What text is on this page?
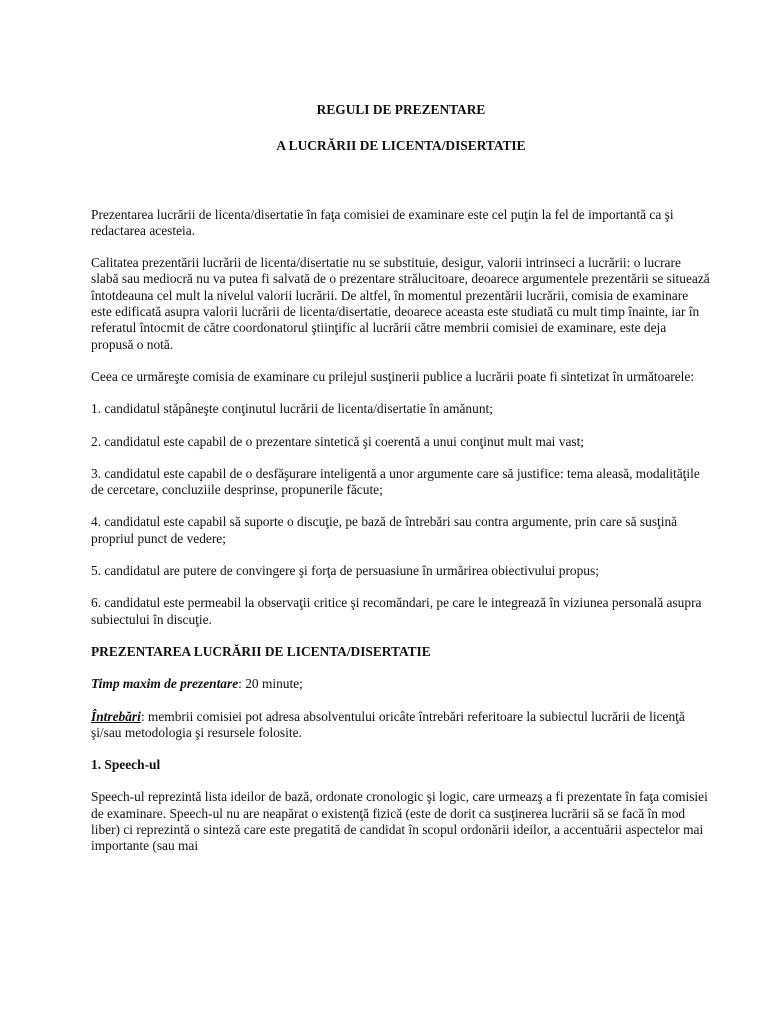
REGULI DE PREZENTARE

A LUCRĂRII DE LICENTA/DISERTATIE

Prezentarea lucrării de licenta/disertatie în faţa comisiei de examinare este cel puţin la fel de importantă ca şi redactarea acesteia.

Calitatea prezentării lucrării de licenta/disertatie nu se substituie, desigur, valorii intrinseci a lucrării: o lucrare slabă sau mediocră nu va putea fi salvată de o prezentare strălucitoare, deoarece argumentele prezentării se situează întotdeauna cel mult la nivelul valorii lucrării. De altfel, în momentul prezentării lucrării, comisia de examinare este edificată asupra valorii lucrării de licenta/disertatie, deoarece aceasta este studiată cu mult timp înainte, iar în referatul întocmit de către coordonatorul ştiinţific al lucrării către membrii comisiei de examinare, este deja propusă o notă.

Ceea ce urmăreşte comisia de examinare cu prilejul susţinerii publice a lucrării poate fi sintetizat în următoarele:

1. candidatul stăpâneşte conţinutul lucrării de licenta/disertatie în amănunt;

2. candidatul este capabil de o prezentare sintetică şi coerentă a unui conţinut mult mai vast;

3. candidatul este capabil de o desfăşurare inteligentă a unor argumente care să justifice: tema aleasă, modalităţile de cercetare, concluziile desprinse, propunerile făcute;

4. candidatul este capabil să suporte o discuţie, pe bază de întrebări sau contra argumente, prin care să susţină propriul punct de vedere;

5. candidatul are putere de convingere şi forţa de persuasiune în urmărirea obiectivului propus;

6. candidatul este permeabil la observaţii critice şi recomăndari, pe care le integrează în viziunea personală asupra subiectului în discuţie.

PREZENTAREA LUCRĂRII DE LICENTA/DISERTATIE

Timp maxim de prezentare: 20 minute;

Întrebări: membrii comisiei pot adresa absolventului oricâte întrebări referitoare la subiectul lucrării de licenţă şi/sau metodologia şi resursele folosite.

1. Speech-ul

Speech-ul reprezintă lista ideilor de bază, ordonate cronologic şi logic, care urmeazş a fi prezentate în faţa comisiei de examinare. Speech-ul nu are neapărat o existenţă fizică (este de dorit ca susţinerea lucrării să se facă în mod liber) ci reprezintă o sinteză care este pregatită de candidat în scopul ordonării ideilor, a accentuării aspectelor mai importante (sau mai
